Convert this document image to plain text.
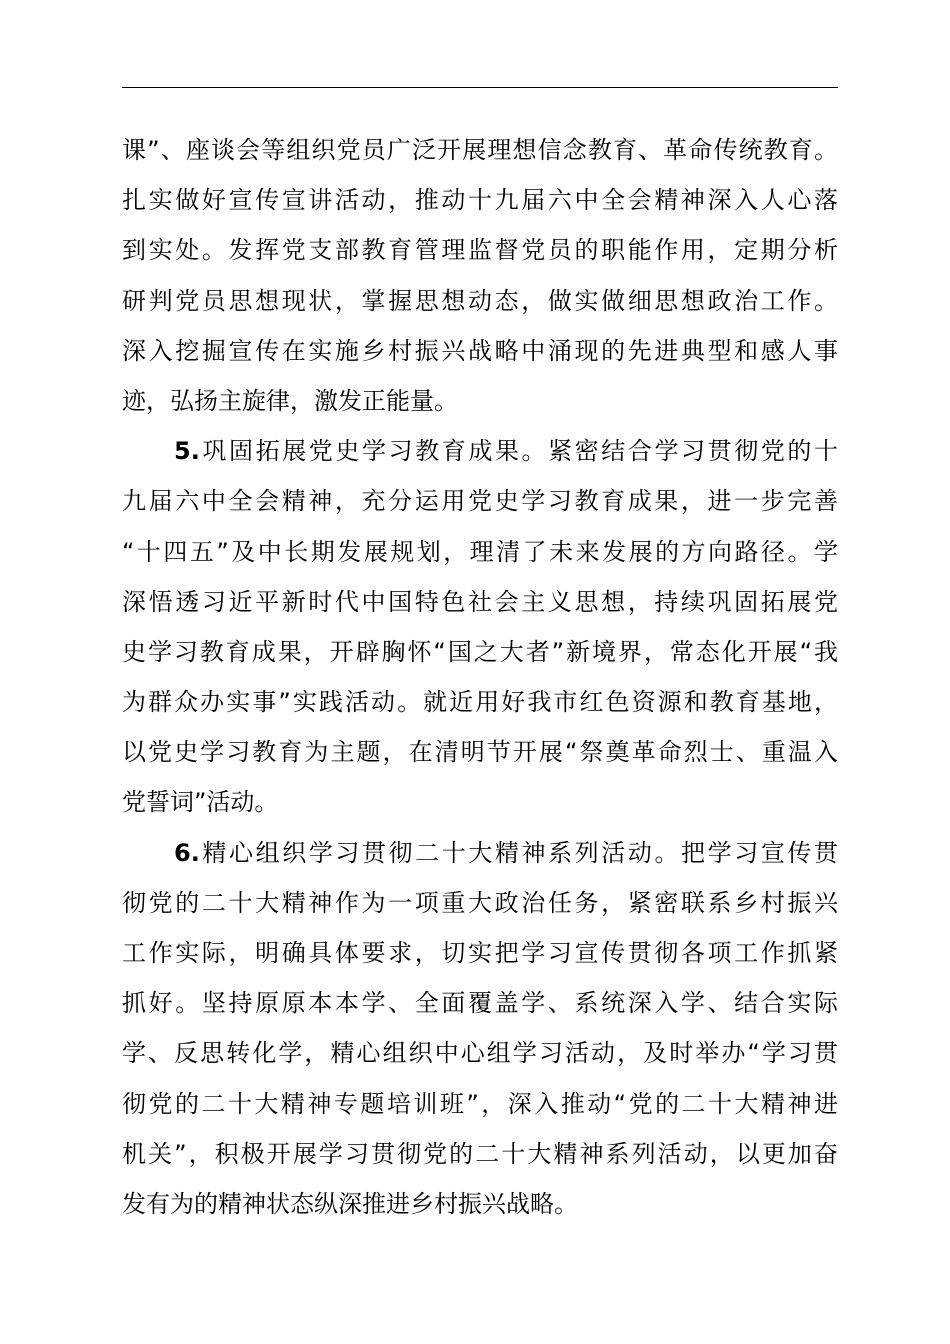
课”、座谈会等组织党员广泛开展理想信念教育、革命传统教育。
扎实做好宣传宣讲活动，推动十九届六中全会精神深入人心落
到实处。发挥党支部教育管理监督党员的职能作用，定期分析
研判党员思想现状，掌握思想动态，做实做细思想政治工作。
深入挖掘宣传在实施乡村振兴战略中涌现的先进典型和感人事
迹，弘扬主旋律，激发正能量。
5.巩固拓展党史学习教育成果。紧密结合学习贯彻党的十
九届六中全会精神，充分运用党史学习教育成果，进一步完善
“十四五”及中长期发展规划，理清了未来发展的方向路径。学
深悟透习近平新时代中国特色社会主义思想，持续巩固拓展党
史学习教育成果，开辟胸怀“国之大者”新境界，常态化开展“我
为群众办实事”实践活动。就近用好我市红色资源和教育基地，
以党史学习教育为主题，在清明节开展“祭奠革命烈士、重温入
党誓词”活动。
6.精心组织学习贯彻二十大精神系列活动。把学习宣传贯
彻党的二十大精神作为一项重大政治任务，紧密联系乡村振兴
工作实际，明确具体要求，切实把学习宣传贯彻各项工作抓紧
抓好。坚持原原本本学、全面覆盖学、系统深入学、结合实际
学、反思转化学，精心组织中心组学习活动，及时举办“学习贯
彻党的二十大精神专题培训班”，深入推动“党的二十大精神进
机关”，积极开展学习贯彻党的二十大精神系列活动，以更加奋
发有为的精神状态纵深推进乡村振兴战略。
